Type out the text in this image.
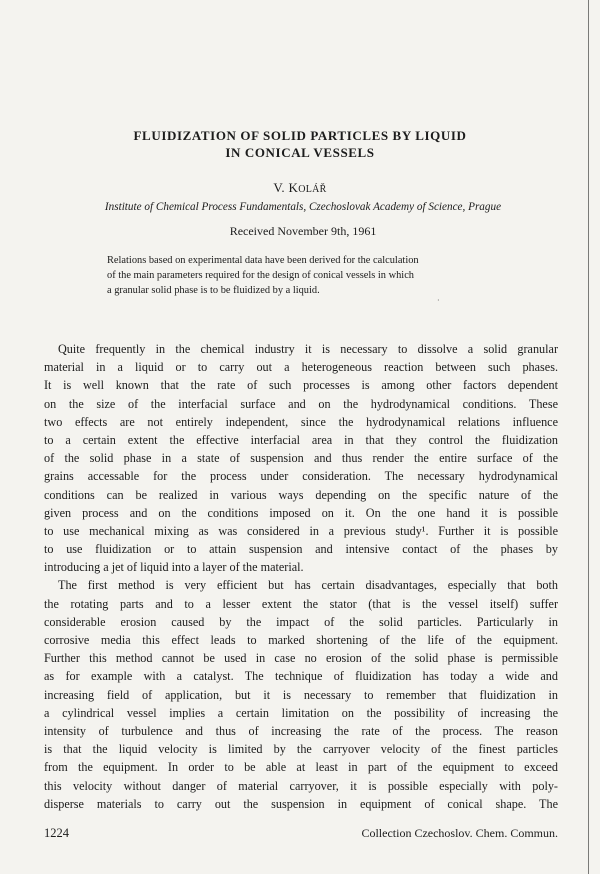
FLUIDIZATION OF SOLID PARTICLES BY LIQUID
IN CONICAL VESSELS
V. KOLÁŘ
Institute of Chemical Process Fundamentals, Czechoslovak Academy of Science, Prague
Received November 9th, 1961
Relations based on experimental data have been derived for the calculation
of the main parameters required for the design of conical vessels in which
a granular solid phase is to be fluidized by a liquid.
·
Quite frequently in the chemical industry it is necessary to dissolve a solid granular
material in a liquid or to carry out a heterogeneous reaction between such phases.
It is well known that the rate of such processes is among other factors dependent
on the size of the interfacial surface and on the hydrodynamical conditions. These
two effects are not entirely independent, since the hydrodynamical relations influence
to a certain extent the effective interfacial area in that they control the fluidization
of the solid phase in a state of suspension and thus render the entire surface of the
grains accessable for the process under consideration. The necessary hydrodynamical
conditions can be realized in various ways depending on the specific nature of the
given process and on the conditions imposed on it. On the one hand it is possible
to use mechanical mixing as was considered in a previous study¹. Further it is possible
to use fluidization or to attain suspension and intensive contact of the phases by
introducing a jet of liquid into a layer of the material.
The first method is very efficient but has certain disadvantages, especially that both
the rotating parts and to a lesser extent the stator (that is the vessel itself) suffer
considerable erosion caused by the impact of the solid particles. Particularly in
corrosive media this effect leads to marked shortening of the life of the equipment.
Further this method cannot be used in case no erosion of the solid phase is permissible
as for example with a catalyst. The technique of fluidization has today a wide and
increasing field of application, but it is necessary to remember that fluidization in
a cylindrical vessel implies a certain limitation on the possibility of increasing the
intensity of turbulence and thus of increasing the rate of the process. The reason
is that the liquid velocity is limited by the carryover velocity of the finest particles
from the equipment. In order to be able at least in part of the equipment to exceed
this velocity without danger of material carryover, it is possible especially with poly-
disperse materials to carry out the suspension in equipment of conical shape. The
1224	Collection Czechoslov. Chem. Commun.
